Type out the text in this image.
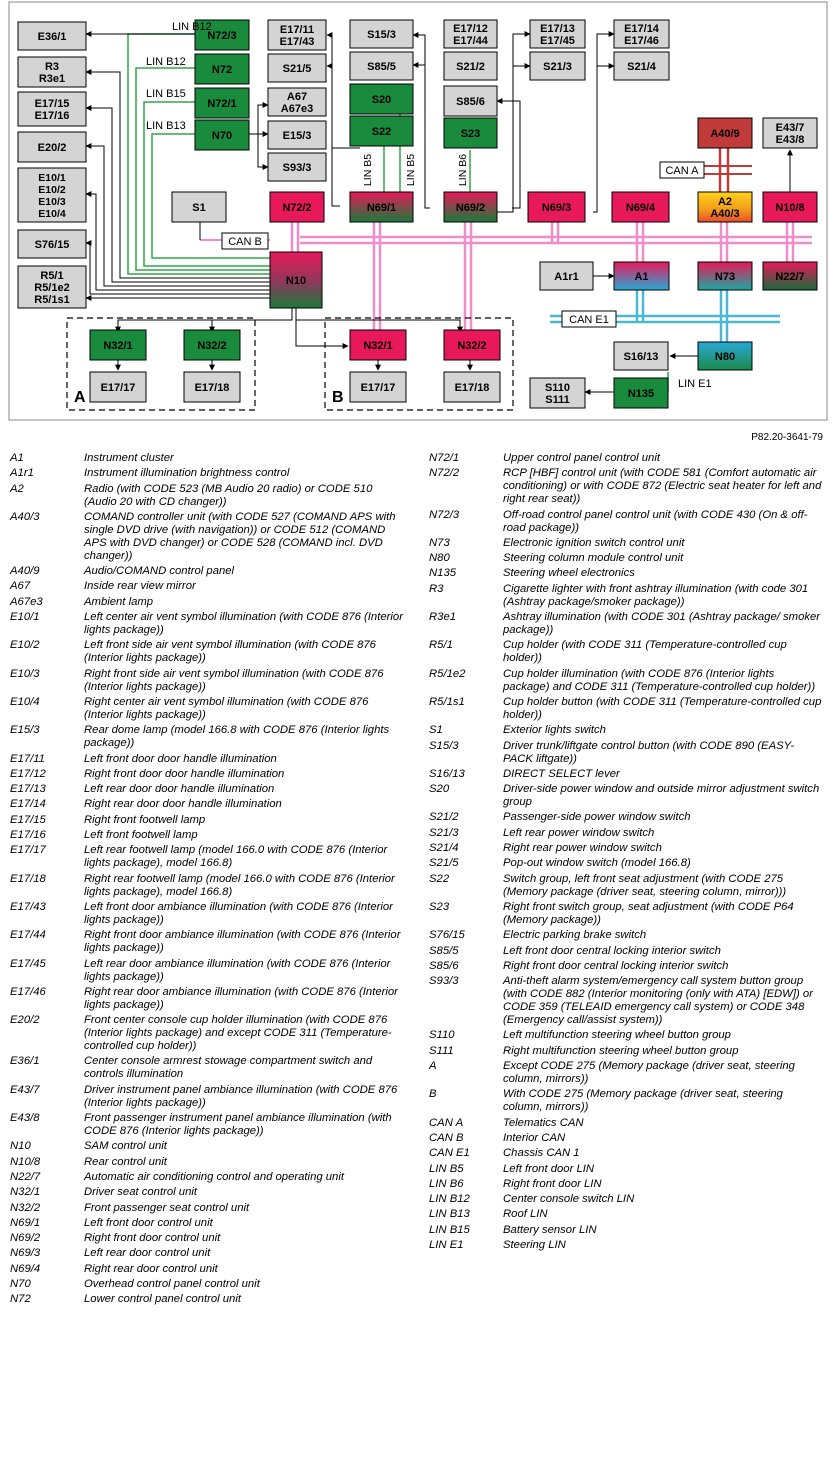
E36/1
R3
R3e1
E17/15
E17/16
E20/2
E10/1
E10/2
E10/3
E10/4
S76/15
R5/1
R5/1e2
R5/1s1
N72/3
N72
N72/1
N70
E17/11
E17/43
S21/5
A67
A67e3
E15/3
S93/3
S1	N72/2
S15/3
S85/5
S20
S22
N69/1
E17/12
E17/44
S21/2
S85/6
S23
N69/2
E17/13
E17/45
S21/3
N69/3
E17/14
E17/46
S21/4
N69/4
A40/9
A2
A40/3
E43/7
E43/8
N10/8
N10	A1r1	A1	N73	N22/7
N32/1	N32/2
E17/17	E17/18
N32/1	N32/2
E17/17	E17/18
S16/13	N80
S110
S111	N135
LIN B12
LIN B12
LIN B15
LIN B13
LIN E1
CAN B
CAN A
CAN E1
LIN B5	LIN B5	LIN B6
A	B
P82.20-3641-79
A1	Instrument cluster
A1r1	Instrument illumination brightness control
A2	Radio (with CODE 523 (MB Audio 20 radio) or CODE 510 (Audio 20 with CD changer))
A40/3	COMAND controller unit (with CODE 527 (COMAND APS with single DVD drive (with navigation)) or CODE 512 (COMAND APS with DVD changer) or CODE 528 (COMAND incl. DVD changer))
A40/9	Audio/COMAND control panel
A67	Inside rear view mirror
A67e3	Ambient lamp
E10/1	Left center air vent symbol illumination (with CODE 876 (Interior lights package))
E10/2	Left front side air vent symbol illumination (with CODE 876 (Interior lights package))
E10/3	Right front side air vent symbol illumination (with CODE 876 (Interior lights package))
E10/4	Right center air vent symbol illumination (with CODE 876 (Interior lights package))
E15/3	Rear dome lamp (model 166.8 with CODE 876 (Interior lights package))
E17/11	Left front door door handle illumination
E17/12	Right front door door handle illumination
E17/13	Left rear door door handle illumination
E17/14	Right rear door door handle illumination
E17/15	Right front footwell lamp
E17/16	Left front footwell lamp
E17/17	Left rear footwell lamp (model 166.0 with CODE 876 (Interior lights package), model 166.8)
E17/18	Right rear footwell lamp (model 166.0 with CODE 876 (Interior lights package), model 166.8)
E17/43	Left front door ambiance illumination (with CODE 876 (Interior lights package))
E17/44	Right front door ambiance illumination (with CODE 876 (Interior lights package))
E17/45	Left rear door ambiance illumination (with CODE 876 (Interior lights package))
E17/46	Right rear door ambiance illumination (with CODE 876 (Interior lights package))
E20/2	Front center console cup holder illumination (with CODE 876 (Interior lights package) and except CODE 311 (Temperature-controlled cup holder))
E36/1	Center console armrest stowage compartment switch and controls illumination
E43/7	Driver instrument panel ambiance illumination (with CODE 876 (Interior lights package))
E43/8	Front passenger instrument panel ambiance illumination (with CODE 876 (Interior lights package))
N10	SAM control unit
N10/8	Rear control unit
N22/7	Automatic air conditioning control and operating unit
N32/1	Driver seat control unit
N32/2	Front passenger seat control unit
N69/1	Left front door control unit
N69/2	Right front door control unit
N69/3	Left rear door control unit
N69/4	Right rear door control unit
N70	Overhead control panel control unit
N72	Lower control panel control unit
N72/1	Upper control panel control unit
N72/2	RCP [HBF] control unit (with CODE 581 (Comfort automatic air conditioning) or with CODE 872 (Electric seat heater for left and right rear seat))
N72/3	Off-road control panel control unit (with CODE 430 (On & off-road package))
N73	Electronic ignition switch control unit
N80	Steering column module control unit
N135	Steering wheel electronics
R3	Cigarette lighter with front ashtray illumination (with code 301 (Ashtray package/smoker package))
R3e1	Ashtray illumination (with CODE 301 (Ashtray package/ smoker package))
R5/1	Cup holder (with CODE 311 (Temperature-controlled cup holder))
R5/1e2	Cup holder illumination (with CODE 876 (Interior lights package) and CODE 311 (Temperature-controlled cup holder))
R5/1s1	Cup holder button (with CODE 311 (Temperature-controlled cup holder))
S1	Exterior lights switch
S15/3	Driver trunk/liftgate control button (with CODE 890 (EASY-PACK liftgate))
S16/13	DIRECT SELECT lever
S20	Driver-side power window and outside mirror adjustment switch group
S21/2	Passenger-side power window switch
S21/3	Left rear power window switch
S21/4	Right rear power window switch
S21/5	Pop-out window switch (model 166.8)
S22	Switch group, left front seat adjustment (with CODE 275 (Memory package (driver seat, steering column, mirror)))
S23	Right front switch group, seat adjustment (with CODE P64 (Memory package))
S76/15	Electric parking brake switch
S85/5	Left front door central locking interior switch
S85/6	Right front door central locking interior switch
S93/3	Anti-theft alarm system/emergency call system button group (with CODE 882 (Interior monitoring (only with ATA) [EDW]) or CODE 359 (TELEAID emergency call system) or CODE 348 (Emergency call/assist system))
S110	Left multifunction steering wheel button group
S111	Right multifunction steering wheel button group
A	Except CODE 275 (Memory package (driver seat, steering column, mirrors))
B	With CODE 275 (Memory package (driver seat, steering column, mirrors))
CAN A	Telematics CAN
CAN B	Interior CAN
CAN E1	Chassis CAN 1
LIN B5	Left front door LIN
LIN B6	Right front door LIN
LIN B12	Center console switch LIN
LIN B13	Roof LIN
LIN B15	Battery sensor LIN
LIN E1	Steering LIN
